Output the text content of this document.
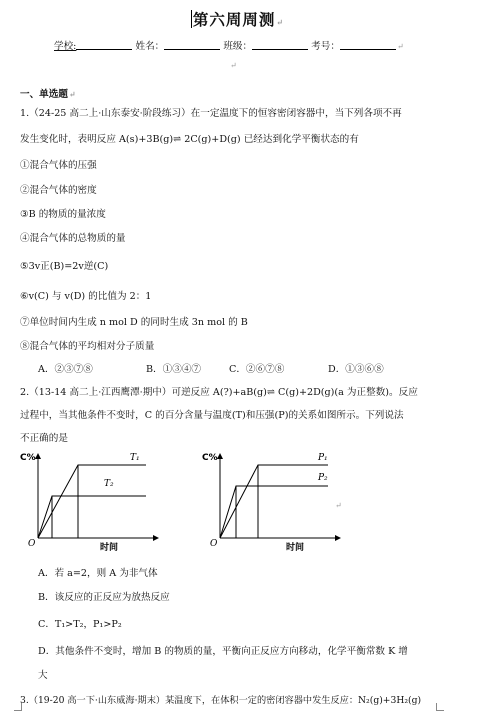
第六周周测↵
学校:	姓名：	班级：	考号：	↵
↵
一、单选题↵
1.（24-25 高二上·山东泰安·阶段练习）在一定温度下的恒容密闭容器中，当下列各项不再
发生变化时，表明反应 A(s)+3B(g)⇌ 2C(g)+D(g) 已经达到化学平衡状态的有
①混合气体的压强
②混合气体的密度
③B 的物质的量浓度
④混合气体的总物质的量
⑤3v正(B)=2v逆(C)
⑥v(C) 与 v(D) 的比值为 2：1
⑦单位时间内生成 n mol D 的同时生成 3n mol 的 B
⑧混合气体的平均相对分子质量
A．②③⑦⑧	B．①③④⑦	C．②⑥⑦⑧	D．①③⑥⑧
2.（13-14 高二上·江西鹰潭·期中）可逆反应 A(?)+aB(g)⇌ C(g)+2D(g)(a 为正整数)。反应
过程中，当其他条件不变时，C 的百分含量与温度(T)和压强(P)的关系如图所示。下列说法
不正确的是
C%
O	时间
T₁
T₂
C%
O	时间
P₁
P₂
↵
A．若 a=2，则 A 为非气体
B．该反应的正反应为放热反应
C．T₁>T₂，P₁>P₂
D．其他条件不变时，增加 B 的物质的量，平衡向正反应方向移动，化学平衡常数 K 增
大
3.（19-20 高一下·山东威海·期末）某温度下，在体积一定的密闭容器中发生反应：N₂(g)+3H₂(g)
